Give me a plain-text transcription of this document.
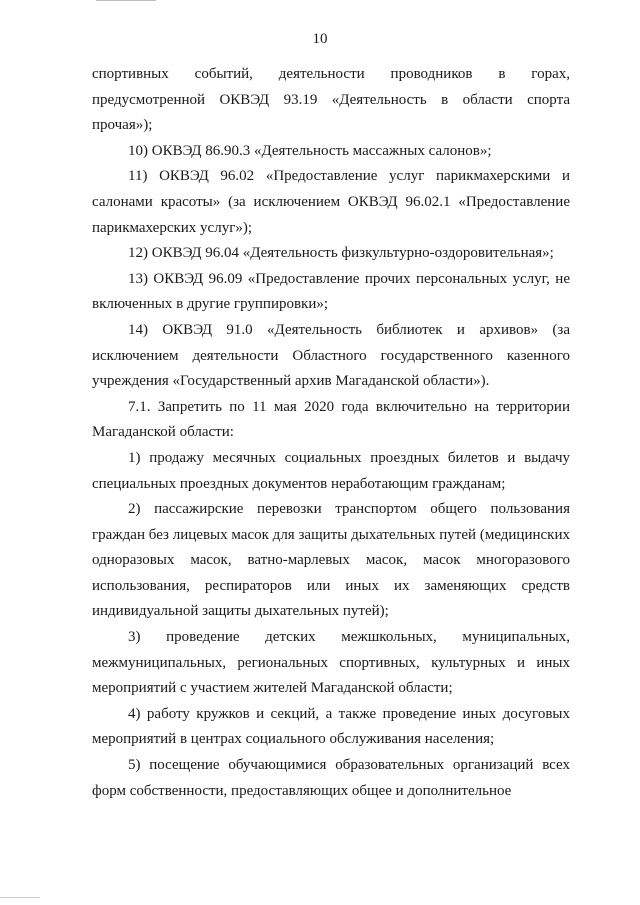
10

спортивных событий, деятельности проводников в горах, предусмотренной ОКВЭД 93.19 «Деятельность в области спорта прочая»);

10) ОКВЭД 86.90.3 «Деятельность массажных салонов»;

11) ОКВЭД 96.02 «Предоставление услуг парикмахерскими и салонами красоты» (за исключением ОКВЭД 96.02.1 «Предоставление парикмахерских услуг»);

12) ОКВЭД 96.04 «Деятельность физкультурно-оздоровительная»;

13) ОКВЭД 96.09 «Предоставление прочих персональных услуг, не включенных в другие группировки»;

14) ОКВЭД 91.0 «Деятельность библиотек и архивов» (за исключением деятельности Областного государственного казенного учреждения «Государственный архив Магаданской области»).

7.1. Запретить по 11 мая 2020 года включительно на территории Магаданской области:

1) продажу месячных социальных проездных билетов и выдачу специальных проездных документов неработающим гражданам;

2) пассажирские перевозки транспортом общего пользования граждан без лицевых масок для защиты дыхательных путей (медицинских одноразовых масок, ватно-марлевых масок, масок многоразового использования, респираторов или иных их заменяющих средств индивидуальной защиты дыхательных путей);

3) проведение детских межшкольных, муниципальных, межмуниципальных, региональных спортивных, культурных и иных мероприятий с участием жителей Магаданской области;

4) работу кружков и секций, а также проведение иных досуговых мероприятий в центрах социального обслуживания населения;

5) посещение обучающимися образовательных организаций всех форм собственности, предоставляющих общее и дополнительное
